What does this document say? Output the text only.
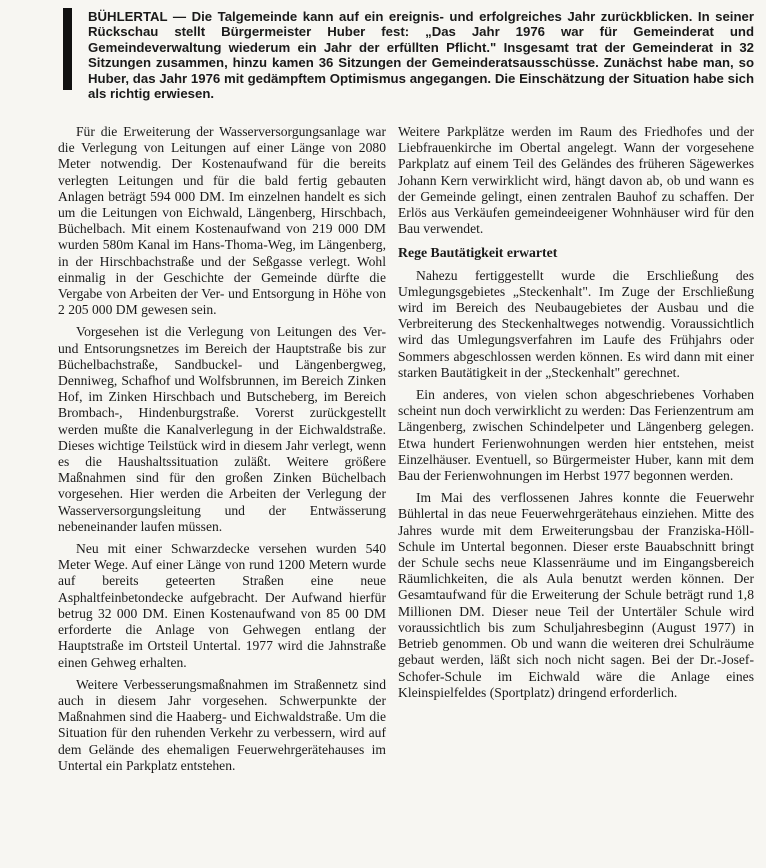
BÜHLERTAL — Die Talgemeinde kann auf ein ereignis- und erfolgreiches Jahr zurückblicken. In seiner Rückschau stellt Bürgermeister Huber fest: „Das Jahr 1976 war für Gemeinderat und Gemeindeverwaltung wiederum ein Jahr der erfüllten Pflicht." Insgesamt trat der Gemeinderat in 32 Sitzungen zusammen, hinzu kamen 36 Sitzungen der Gemeinderatsausschüsse. Zunächst habe man, so Huber, das Jahr 1976 mit gedämpftem Optimismus angegangen. Die Einschätzung der Situation habe sich als richtig erwiesen.

Für die Erweiterung der Wasserversorgungsanlage war die Verlegung von Leitungen auf einer Länge von 2080 Meter notwendig. Der Kostenaufwand für die bereits verlegten Leitungen und für die bald fertig gebauten Anlagen beträgt 594 000 DM. Im einzelnen handelt es sich um die Leitungen von Eichwald, Längenberg, Hirschbach, Büchelbach. Mit einem Kostenaufwand von 219 000 DM wurden 580m Kanal im Hans-Thoma-Weg, im Längenberg, in der Hirschbachstraße und der Seßgasse verlegt. Wohl einmalig in der Geschichte der Gemeinde dürfte die Vergabe von Arbeiten der Ver- und Entsorgung in Höhe von 2 205 000 DM gewesen sein.

Vorgesehen ist die Verlegung von Leitungen des Ver- und Entsorungsnetzes im Bereich der Hauptstraße bis zur Büchelbachstraße, Sandbuckel- und Längenbergweg, Denniweg, Schafhof und Wolfsbrunnen, im Bereich Zinken Hof, im Zinken Hirschbach und Butscheberg, im Bereich Brombach-, Hindenburgstraße. Vorerst zurückgestellt werden mußte die Kanalverlegung in der Eichwaldstraße. Dieses wichtige Teilstück wird in diesem Jahr verlegt, wenn es die Haushaltssituation zuläßt. Weitere größere Maßnahmen sind für den großen Zinken Büchelbach vorgesehen. Hier werden die Arbeiten der Verlegung der Wasserversorgungsleitung und der Entwässerung nebeneinander laufen müssen.

Neu mit einer Schwarzdecke versehen wurden 540 Meter Wege. Auf einer Länge von rund 1200 Metern wurde auf bereits geteerten Straßen eine neue Asphaltfeinbetondecke aufgebracht. Der Aufwand hierfür betrug 32 000 DM. Einen Kostenaufwand von 85 00 DM erforderte die Anlage von Gehwegen entlang der Hauptstraße im Ortsteil Untertal. 1977 wird die Jahnstraße einen Gehweg erhalten.

Weitere Verbesserungsmaßnahmen im Straßennetz sind auch in diesem Jahr vorgesehen. Schwerpunkte der Maßnahmen sind die Haaberg- und Eichwaldstraße. Um die Situation für den ruhenden Verkehr zu verbessern, wird auf dem Gelände des ehemaligen Feuerwehrgerätehauses im Untertal ein Parkplatz entstehen.

Weitere Parkplätze werden im Raum des Friedhofes und der Liebfrauenkirche im Obertal angelegt. Wann der vorgesehene Parkplatz auf einem Teil des Geländes des früheren Sägewerkes Johann Kern verwirklicht wird, hängt davon ab, ob und wann es der Gemeinde gelingt, einen zentralen Bauhof zu schaffen. Der Erlös aus Verkäufen gemeindeeigener Wohnhäuser wird für den Bau verwendet.

Rege Bautätigkeit erwartet

Nahezu fertiggestellt wurde die Erschließung des Umlegungsgebietes „Steckenhalt". Im Zuge der Erschließung wird im Bereich des Neubaugebietes der Ausbau und die Verbreiterung des Steckenhaltweges notwendig. Voraussichtlich wird das Umlegungsverfahren im Laufe des Frühjahrs oder Sommers abgeschlossen werden können. Es wird dann mit einer starken Bautätigkeit in der „Steckenhalt" gerechnet.

Ein anderes, von vielen schon abgeschriebenes Vorhaben scheint nun doch verwirklicht zu werden: Das Ferienzentrum am Längenberg, zwischen Schindelpeter und Längenberg gelegen. Etwa hundert Ferienwohnungen werden hier entstehen, meist Einzelhäuser. Eventuell, so Bürgermeister Huber, kann mit dem Bau der Ferienwohnungen im Herbst 1977 begonnen werden.

Im Mai des verflossenen Jahres konnte die Feuerwehr Bühlertal in das neue Feuerwehrgerätehaus einziehen. Mitte des Jahres wurde mit dem Erweiterungsbau der Franziska-Höll-Schule im Untertal begonnen. Dieser erste Bauabschnitt bringt der Schule sechs neue Klassenräume und im Eingangsbereich Räumlichkeiten, die als Aula benutzt werden können. Der Gesamtaufwand für die Erweiterung der Schule beträgt rund 1,8 Millionen DM. Dieser neue Teil der Untertäler Schule wird voraussichtlich bis zum Schuljahresbeginn (August 1977) in Betrieb genommen. Ob und wann die weiteren drei Schulräume gebaut werden, läßt sich noch nicht sagen. Bei der Dr.-Josef-Schofer-Schule im Eichwald wäre die Anlage eines Kleinspielfeldes (Sportplatz) dringend erforderlich.
